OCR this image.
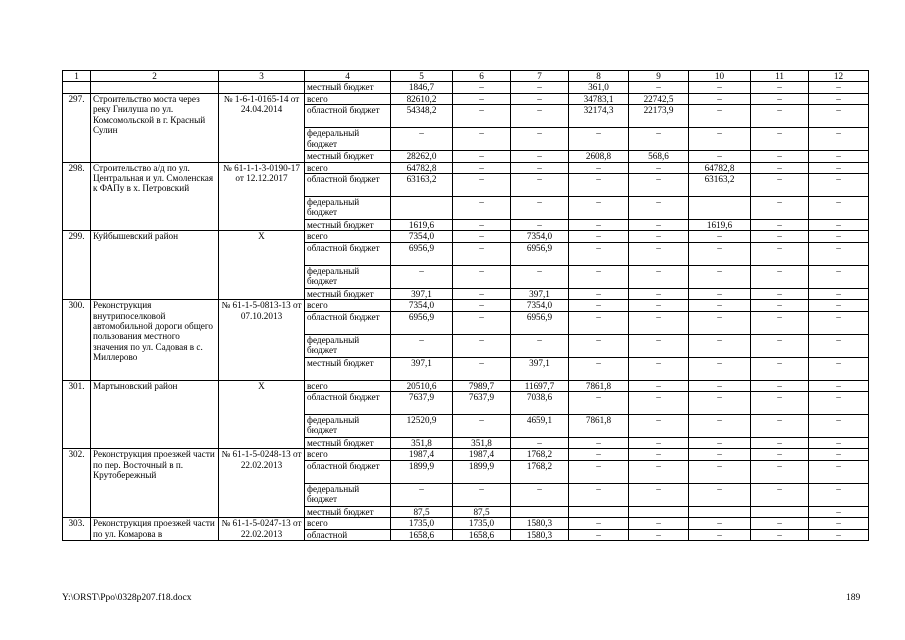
1	2	3	4	5	6	7	8	9	10	11	12
			местный бюджет	1846,7	–	–	361,0	–	–	–	–
297.	Строительство моста через реку Гнилуша по ул. Комсомольской в г. Красный Сулин	№ 1-6-1-0165-14 от 24.04.2014	всего	82610,2	–	–	34783,1	22742,5	–	–	–
			областной бюджет	54348,2	–	–	32174,3	22173,9	–	–	–
			федеральный бюджет	–	–	–	–	–	–	–	–
			местный бюджет	28262,0	–	–	2608,8	568,6	–	–	–
298.	Строительство а/д по ул. Центральная и ул. Смоленская к ФАПу в х. Петровский	№ 61-1-1-3-0190-17 от 12.12.2017	всего	64782,8	–	–	–	–	64782,8	–	–
			областной бюджет	63163,2	–	–	–	–	63163,2	–	–
			федеральный бюджет		–	–	–	–		–	–
			местный бюджет	1619,6	–	–	–	–	1619,6	–	–
299.	Куйбышевский район	Х	всего	7354,0	–	7354,0	–	–	–	–	–
			областной бюджет	6956,9	–	6956,9	–	–	–	–	–
			федеральный бюджет	–	–	–	–	–	–	–	–
			местный бюджет	397,1	–	397,1	–	–	–	–	–
300.	Реконструкция внутрипоселковой автомобильной дороги общего пользования местного значения по ул. Садовая в с. Миллерово	№ 61-1-5-0813-13 от 07.10.2013	всего	7354,0	–	7354,0	–	–	–	–	–
			областной бюджет	6956,9	–	6956,9	–	–	–	–	–
			федеральный бюджет	–	–	–	–	–	–	–	–
			местный бюджет	397,1	–	397,1	–	–	–	–	–
301.	Мартыновский район	Х	всего	20510,6	7989,7	11697,7	7861,8	–	–	–	–
			областной бюджет	7637,9	7637,9	7038,6	–	–	–	–	–
			федеральный бюджет	12520,9	–	4659,1	7861,8	–	–	–	–
			местный бюджет	351,8	351,8	–	–	–	–	–	–
302.	Реконструкция проезжей части по пер. Восточный в п. Крутобережный	№ 61-1-5-0248-13 от 22.02.2013	всего	1987,4	1987,4	1768,2	–	–	–	–	–
			областной бюджет	1899,9	1899,9	1768,2	–	–	–	–	–
			федеральный бюджет	–	–	–	–	–	–	–	–
			местный бюджет	87,5	87,5						–
303.	Реконструкция проезжей части по ул. Комарова в	№ 61-1-5-0247-13 от 22.02.2013	всего	1735,0	1735,0	1580,3	–	–	–	–	–
			областной	1658,6	1658,6	1580,3	–	–	–	–	–
Y:\ORST\Ppo\0328p207.f18.docx	189
